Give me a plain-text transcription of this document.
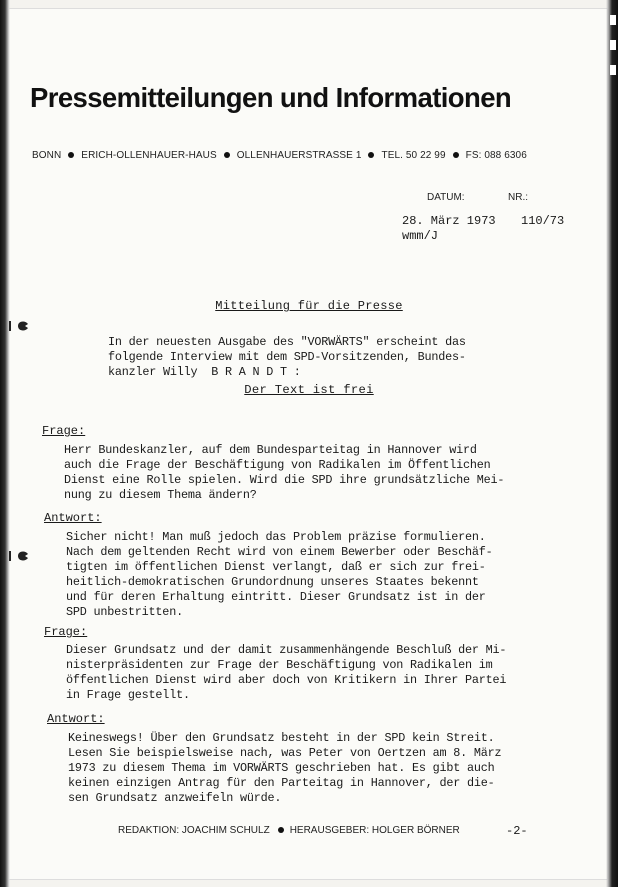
Pressemitteilungen und Informationen
BONN ERICH-OLLENHAUER-HAUS OLLENHAUERSTRASSE 1 TEL. 50 22 99 FS: 088 6306
DATUM:	NR.:
28. März 1973 110/73
wmm/J
Mitteilung für die Presse
In der neuesten Ausgabe des "VORWÄRTS" erscheint das
folgende Interview mit dem SPD-Vorsitzenden, Bundes-
kanzler Willy  B R A N D T :
Der Text ist frei
Frage:
Herr Bundeskanzler, auf dem Bundesparteitag in Hannover wird
auch die Frage der Beschäftigung von Radikalen im Öffentlichen
Dienst eine Rolle spielen. Wird die SPD ihre grundsätzliche Mei-
nung zu diesem Thema ändern?
Antwort:
Sicher nicht! Man muß jedoch das Problem präzise formulieren.
Nach dem geltenden Recht wird von einem Bewerber oder Beschäf-
tigten im öffentlichen Dienst verlangt, daß er sich zur frei-
heitlich-demokratischen Grundordnung unseres Staates bekennt
und für deren Erhaltung eintritt. Dieser Grundsatz ist in der
SPD unbestritten.
Frage:
Dieser Grundsatz und der damit zusammenhängende Beschluß der Mi-
nisterpräsidenten zur Frage der Beschäftigung von Radikalen im
öffentlichen Dienst wird aber doch von Kritikern in Ihrer Partei
in Frage gestellt.
Antwort:
Keineswegs! Über den Grundsatz besteht in der SPD kein Streit.
Lesen Sie beispielsweise nach, was Peter von Oertzen am 8. März
1973 zu diesem Thema im VORWÄRTS geschrieben hat. Es gibt auch
keinen einzigen Antrag für den Parteitag in Hannover, der die-
sen Grundsatz anzweifeln würde.
REDAKTION: JOACHIM SCHULZ HERAUSGEBER: HOLGER BÖRNER	-2-
